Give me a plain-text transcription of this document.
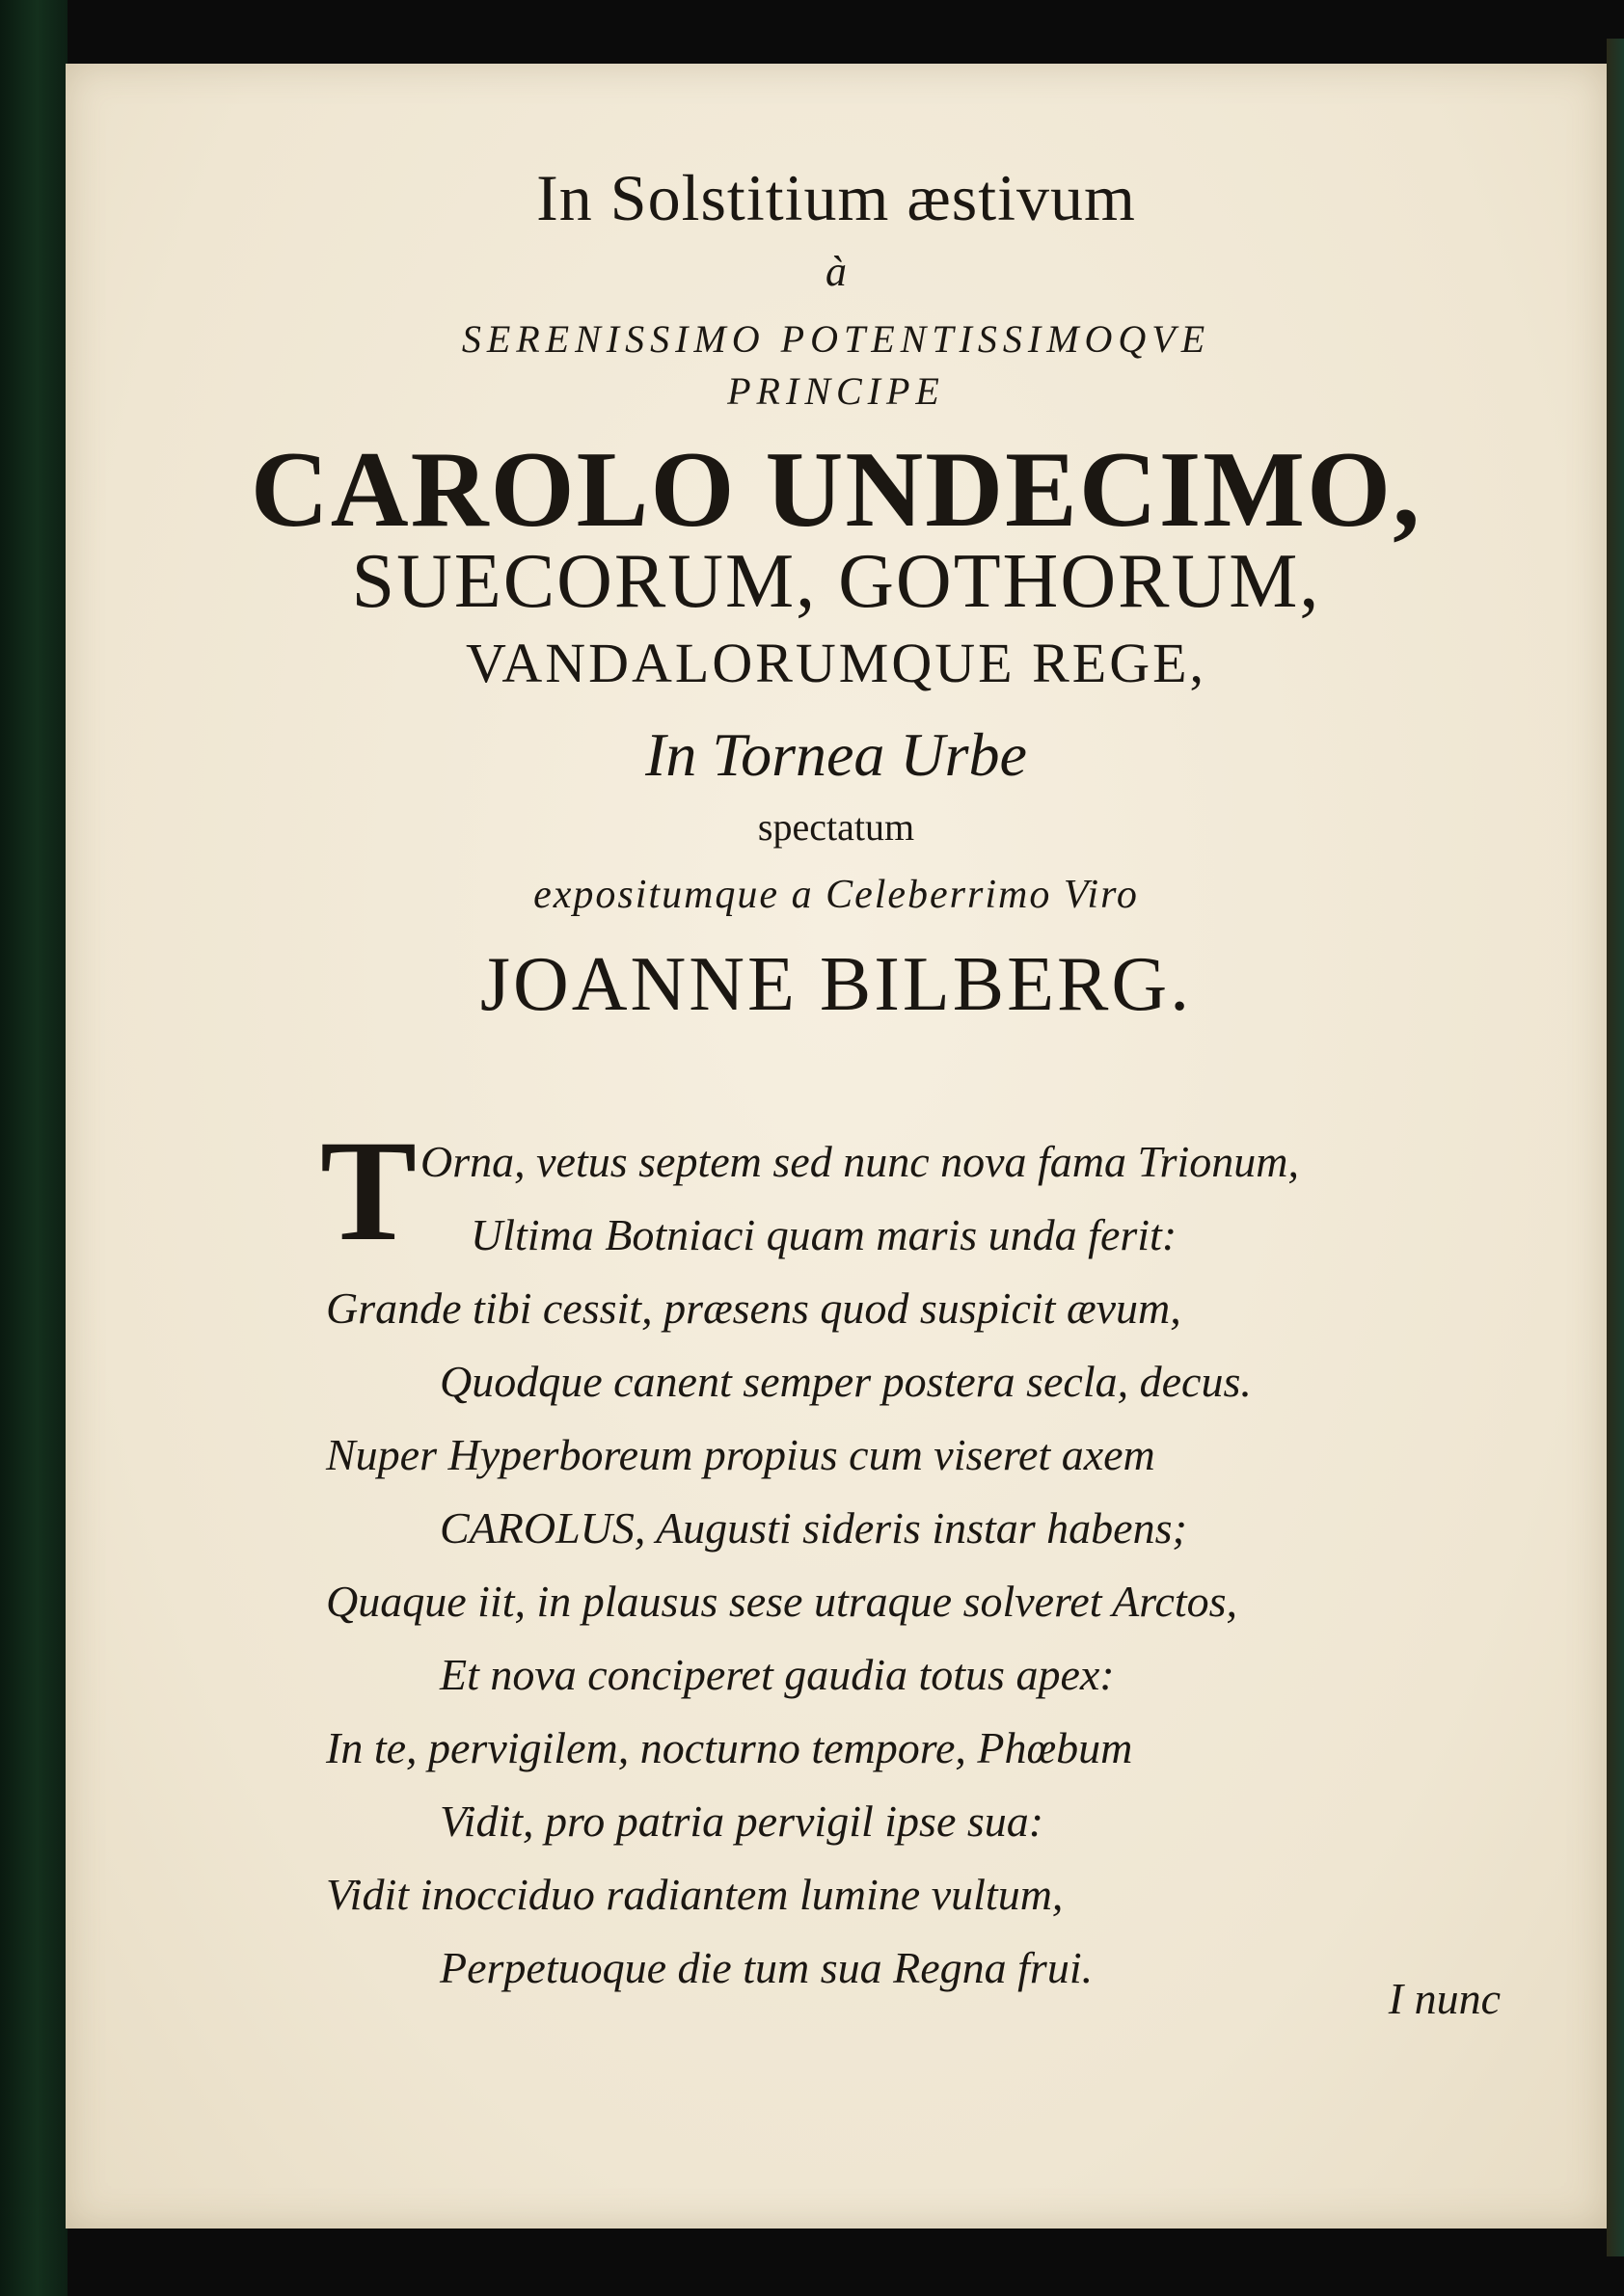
In Solstitium æstivum
à
SERENISSIMO POTENTISSIMOQVE
PRINCIPE
CAROLO UNDECIMO,
SUECORUM, GOTHORUM,
VANDALORUMQUE REGE,
In Tornea Urbe
spectatum
expositumque a Celeberrimo Viro
JOANNE BILBERG.
T Orna, vetus septem sed nunc nova fama Trionum,
Ultima Botniaci quam maris unda ferit:
Grande tibi cessit, præsens quod suspicit ævum,
Quodque canent semper postera secla, decus.
Nuper Hyperboreum propius cum viseret axem
CAROLUS, Augusti sideris instar habens;
Quaque iit, in plausus sese utraque solveret Arctos,
Et nova conciperet gaudia totus apex:
In te, pervigilem, nocturno tempore, Phœbum
Vidit, pro patria pervigil ipse sua:
Vidit inocciduo radiantem lumine vultum,
Perpetuoque die tum sua Regna frui.
I nunc
